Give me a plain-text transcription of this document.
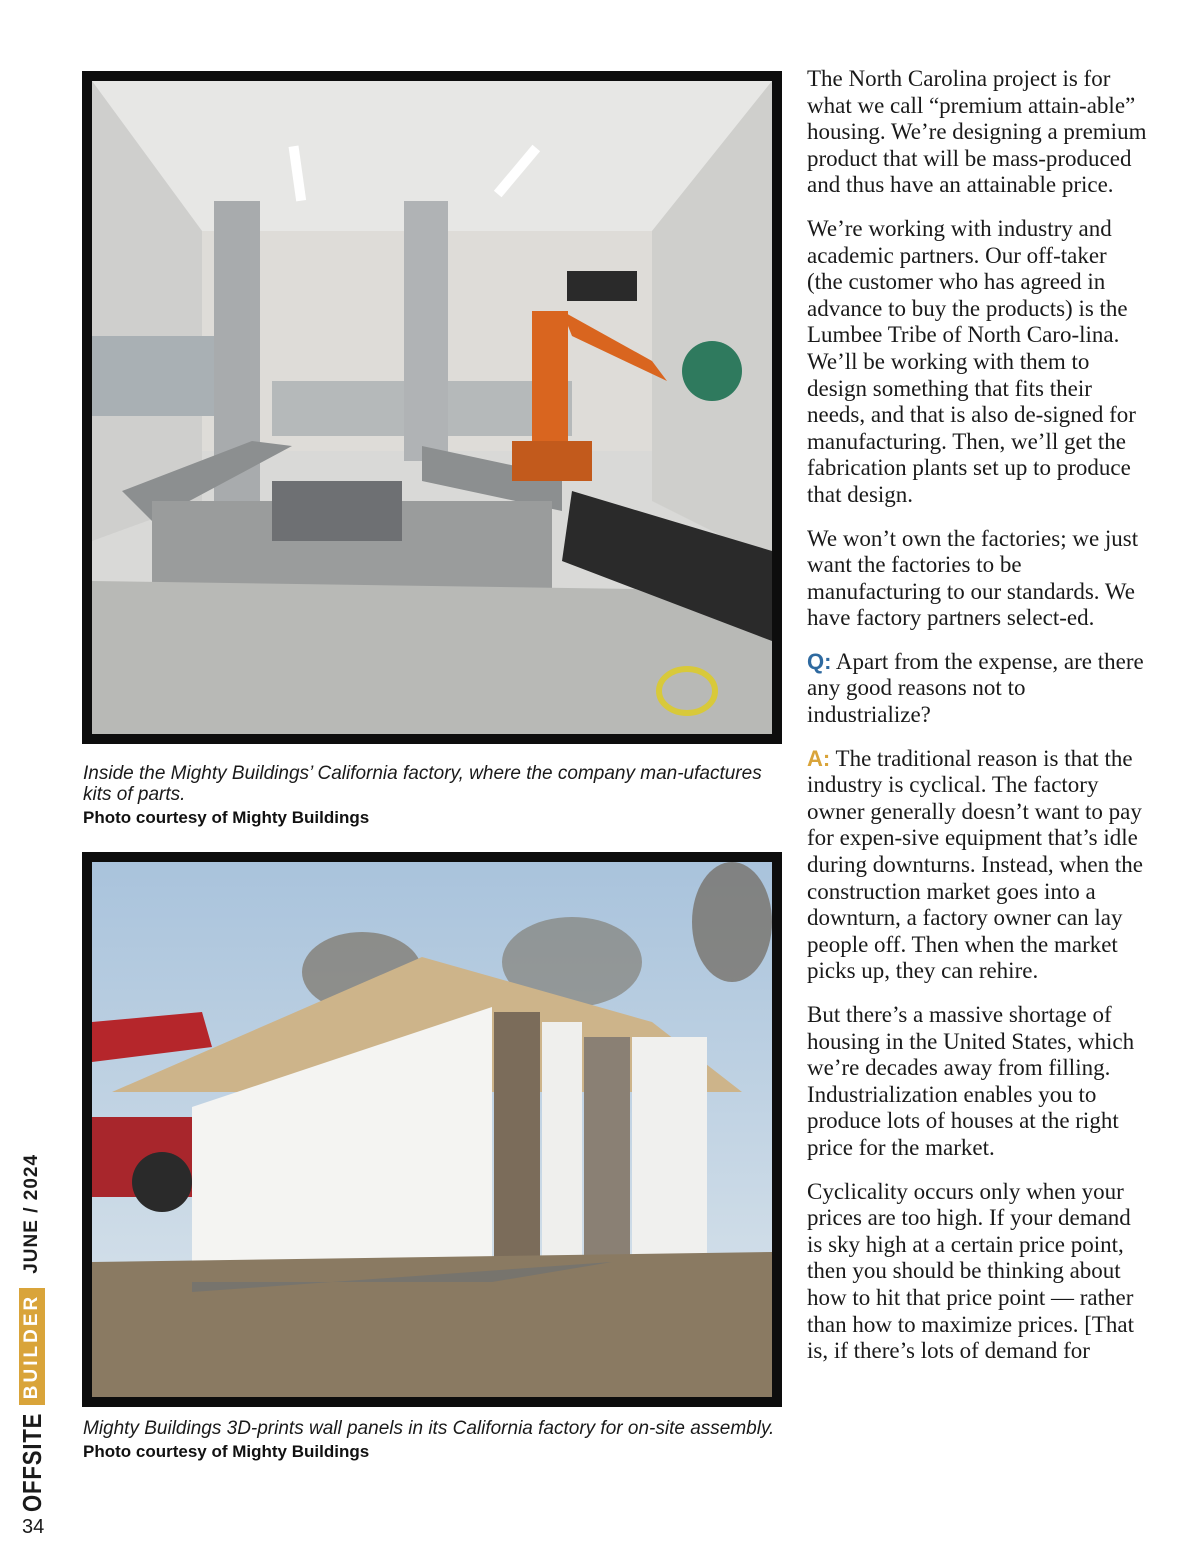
Inside the Mighty Buildings’ California factory, where the company man-ufactures kits of parts.
Photo courtesy of Mighty Buildings
Mighty Buildings 3D-prints wall panels in its California factory for on-site assembly.
Photo courtesy of Mighty Buildings

The North Carolina project is for what we call “premium attain-able” housing. We’re designing a premium product that will be mass-produced and thus have an attainable price.

We’re working with industry and academic partners. Our off-taker (the customer who has agreed in advance to buy the products) is the Lumbee Tribe of North Caro-lina. We’ll be working with them to design something that fits their needs, and that is also de-signed for manufacturing. Then, we’ll get the fabrication plants set up to produce that design.

We won’t own the factories; we just want the factories to be manufacturing to our standards. We have factory partners select-ed.

Q: Apart from the expense, are there any good reasons not to industrialize?

A: The traditional reason is that the industry is cyclical. The factory owner generally doesn’t want to pay for expen-sive equipment that’s idle during downturns. Instead, when the construction market goes into a downturn, a factory owner can lay people off. Then when the market picks up, they can rehire.

But there’s a massive shortage of housing in the United States, which we’re decades away from filling. Industrialization enables you to produce lots of houses at the right price for the market.

Cyclicality occurs only when your prices are too high. If your demand is sky high at a certain price point, then you should be thinking about how to hit that price point — rather than how to maximize prices. [That is, if there’s lots of demand for

OFFSITE
BUILDER
JUNE / 2024
34
